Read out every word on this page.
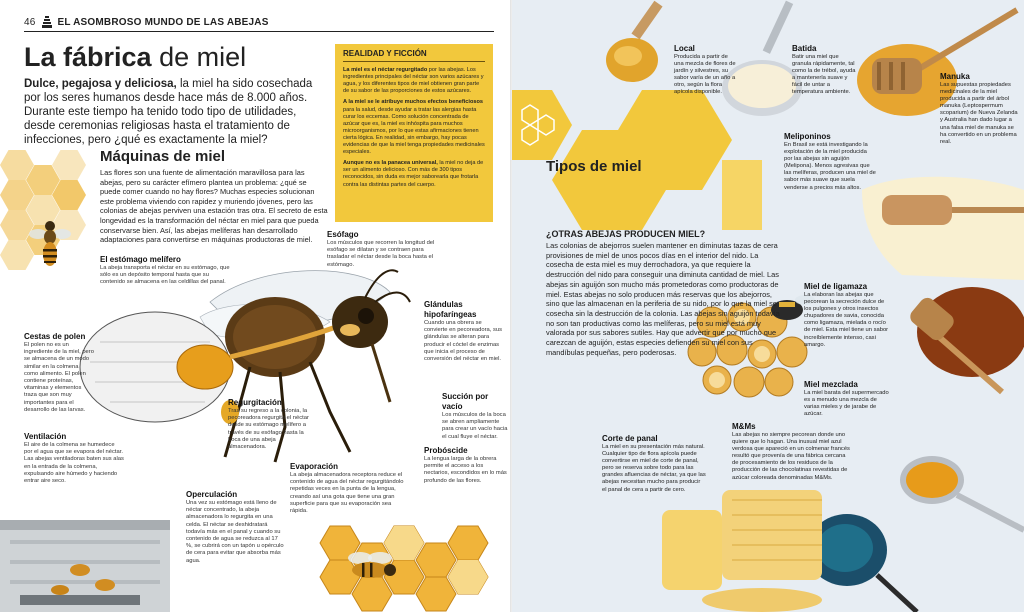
46 EL ASOMBROSO MUNDO DE LAS ABEJAS
La fábrica de miel
Dulce, pegajosa y deliciosa, la miel ha sido cosechada por los seres humanos desde hace más de 8.000 años. Durante este tiempo ha tenido todo tipo de utilidades, desde ceremonias religiosas hasta el tratamiento de infecciones, pero ¿qué es exactamente la miel?
REALIDAD Y FICCIÓN

La miel es el néctar regurgitado por las abejas. Los ingredientes principales del néctar son varios azúcares y agua, y los diferentes tipos de miel obtienen gran parte de su sabor de las proporciones de estos azúcares.

A la miel se le atribuye muchos efectos beneficiosos para la salud, desde ayudar a tratar las alergias hasta curar los eccemas. Como solución concentrada de azúcar que es, la miel es inhóspita para muchos microorganismos, por lo que estas afirmaciones tienen cierta lógica. En realidad, sin embargo, hay pocas evidencias de que la miel tenga propiedades medicinales especiales.

Aunque no es la panacea universal, la miel no deja de ser un alimento delicioso. Con más de 300 tipos reconocidos, sin duda es mejor saborearla que frotarla contra las distintas partes del cuerpo.

Máquinas de miel
Las flores son una fuente de alimentación maravillosa para las abejas, pero su carácter efímero plantea un problema: ¿qué se puede comer cuando no hay flores? Muchas especies solucionan este problema viviendo con rapidez y muriendo jóvenes, pero las colonias de abejas perviven una estación tras otra. El secreto de esta longevidad es la transformación del néctar en miel para que pueda conservarse bien. Así, las abejas melíferas han desarrollado adaptaciones para convertirse en máquinas productoras de miel.
El estómago melífero
La abeja transporta el néctar en su estómago, que sólo es un depósito temporal hasta que su contenido se almacena en las celdillas del panal.
Esófago
Los músculos que recorren la longitud del esófago se dilatan y se contraen para trasladar el néctar desde la boca hasta el estómago.
Glándulas hipofaríngeas
Cuando una obrera se convierte en pecoreadora, sus glándulas se alteran para producir el cóctel de enzimas que inicia el proceso de conversión del néctar en miel.
Cestas de polen
El polen no es un ingrediente de la miel, pero se almacena de un modo similar en la colmena como alimento. El polen contiene proteínas, vitaminas y elementos traza que son muy importantes para el desarrollo de las larvas.
Regurgitación
Tras su regreso a la colonia, la pecoreadora regurgita el néctar desde su estómago melífero a través de su esófago hasta la boca de una abeja almacenadora.
Succión por vacío
Los músculos de la boca se abren ampliamente para crear un vacío hacia el cual fluye el néctar.
Ventilación
El aire de la colmena se humedece por el agua que se evapora del néctar. Las abejas ventiladoras baten sus alas en la entrada de la colmena, expulsando aire húmedo y haciendo entrar aire seco.
Probóscide
La lengua larga de la obrera permite el acceso a los nectarios, escondidos en lo más profundo de las flores.
Evaporación
La abeja almacenadora receptora reduce el contenido de agua del néctar regurgitándolo repetidas veces en la punta de la lengua, creando así una gota que tiene una gran superficie para que su evaporación sea rápida.
Operculación
Una vez su estómago está lleno de néctar concentrado, la abeja almacenadora lo regurgita en una celda. El néctar se deshidratará todavía más en el panal y cuando su contenido de agua se reduzca al 17 %, se cubrirá con un tapón u opérculo de cera para evitar que absorba más agua.
Tipos de miel
¿OTRAS ABEJAS PRODUCEN MIEL?
Las colonias de abejorros suelen mantener en diminutas tazas de cera provisiones de miel de unos pocos días en el interior del nido. La cosecha de esta miel es muy derrochadora, ya que requiere la destrucción del nido para conseguir una diminuta cantidad de miel. Las abejas sin aguijón son mucho más prometedoras como productoras de miel. Estas abejas no solo producen más reservas que los abejorros, sino que las almacenan en la periferia de su nido, por lo que la miel se cosecha sin la destrucción de la colonia. Las abejas sin aguijón todavía no son tan productivas como las melíferas, pero su miel está muy valorada por sus sabores sutiles. Hay que advertir que por mucho que carezcan de aguijón, estas especies defienden su miel con sus mandíbulas pequeñas, pero poderosas.
Local
Producida a partir de una mezcla de flores de jardín y silvestres, su sabor varía de un año a otro, según la flora apícola disponible.
Batida
Batir una miel que granula rápidamente, tal como la de trébol, ayuda a mantenerla suave y fácil de untar a temperatura ambiente.
Manuka
Las supuestas propiedades medicinales de la miel producida a partir del árbol manuka (Leptospermum scoparium) de Nueva Zelanda y Australia han dado lugar a una falsa miel de manuka se ha convertido en un problema real.
Meliponinos
En Brasil se está investigando la explotación de la miel producida por las abejas sin aguijón (Melipona). Menos agresivas que las melíferas, producen una miel de sabor más suave que suela venderse a precios más altos.
Miel de ligamaza
La elaboran las abejas que pecorean la secreción dulce de los pulgones y otros insectos chupadores de savia, conocida como ligamaza, mielada o rocío de miel. Esta miel tiene un sabor increíblemente intenso, casi amargo.
Miel mezclada
La miel barata del supermercado es a menudo una mezcla de varias mieles y de jarabe de azúcar.
M&Ms
Las abejas no siempre pecorean donde uno quiere que lo hagan. Una inusual miel azul verdosa que apareció en un colmenar francés resultó que provenía de una fábrica cercana de procesamiento de los residuos de la producción de las chocolatinas revestidas de azúcar coloreada denominadas M&Ms.
Corte de panal
La miel en su presentación más natural. Cualquier tipo de flora apícola puede convertirse en miel de corte de panal, pero se reserva sobre todo para las grandes afluencias de néctar, ya que las abejas necesitan mucho para producir el panal de cera a partir de cero.
